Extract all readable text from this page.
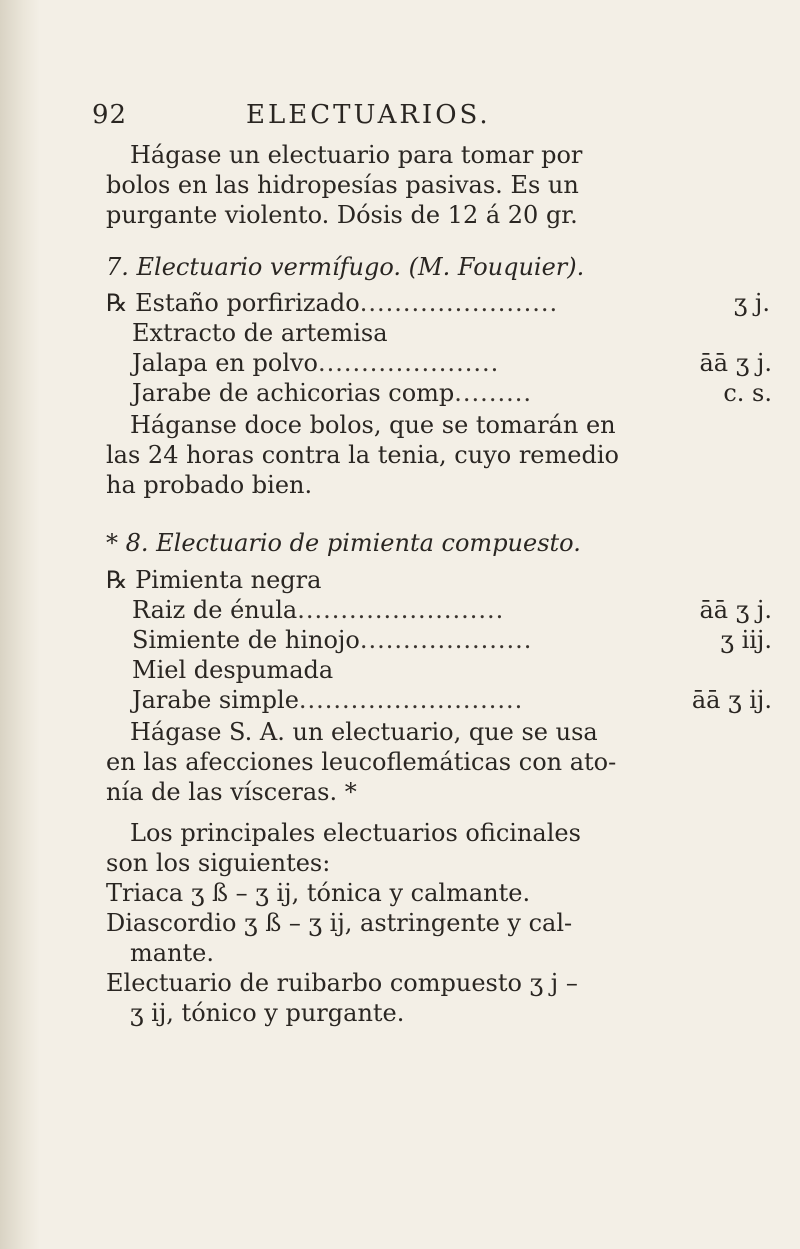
92	ELECTUARIOS.
Hágase un electuario para tomar por
bolos en las hidropesías pasivas. Es un
purgante violento. Dósis de 12 á 20 gr.
7. Electuario vermífugo. (M. Fouquier).
℞ Estaño porfirizado.......................	ʒ j.
Extracto de artemisa
Jalapa en polvo.....................	āā ʒ j.
Jarabe de achicorias comp.........	c. s.
Háganse doce bolos, que se tomarán en
las 24 horas contra la tenia, cuyo remedio
ha probado bien.
* 8. Electuario de pimienta compuesto.
℞ Pimienta negra
Raiz de énula........................	āā ʒ j.
Simiente de hinojo....................	ʒ iij.
Miel despumada
Jarabe simple..........................	āā ʒ ij.
Hágase S. A. un electuario, que se usa
en las afecciones leucoflemáticas con ato-
nía de las vísceras. *
Los principales electuarios oficinales
son los siguientes:
Triaca ʒ ß – ʒ ij, tónica y calmante.
Diascordio ʒ ß – ʒ ij, astringente y cal-
mante.
Electuario de ruibarbo compuesto ʒ j –
ʒ ij, tónico y purgante.
